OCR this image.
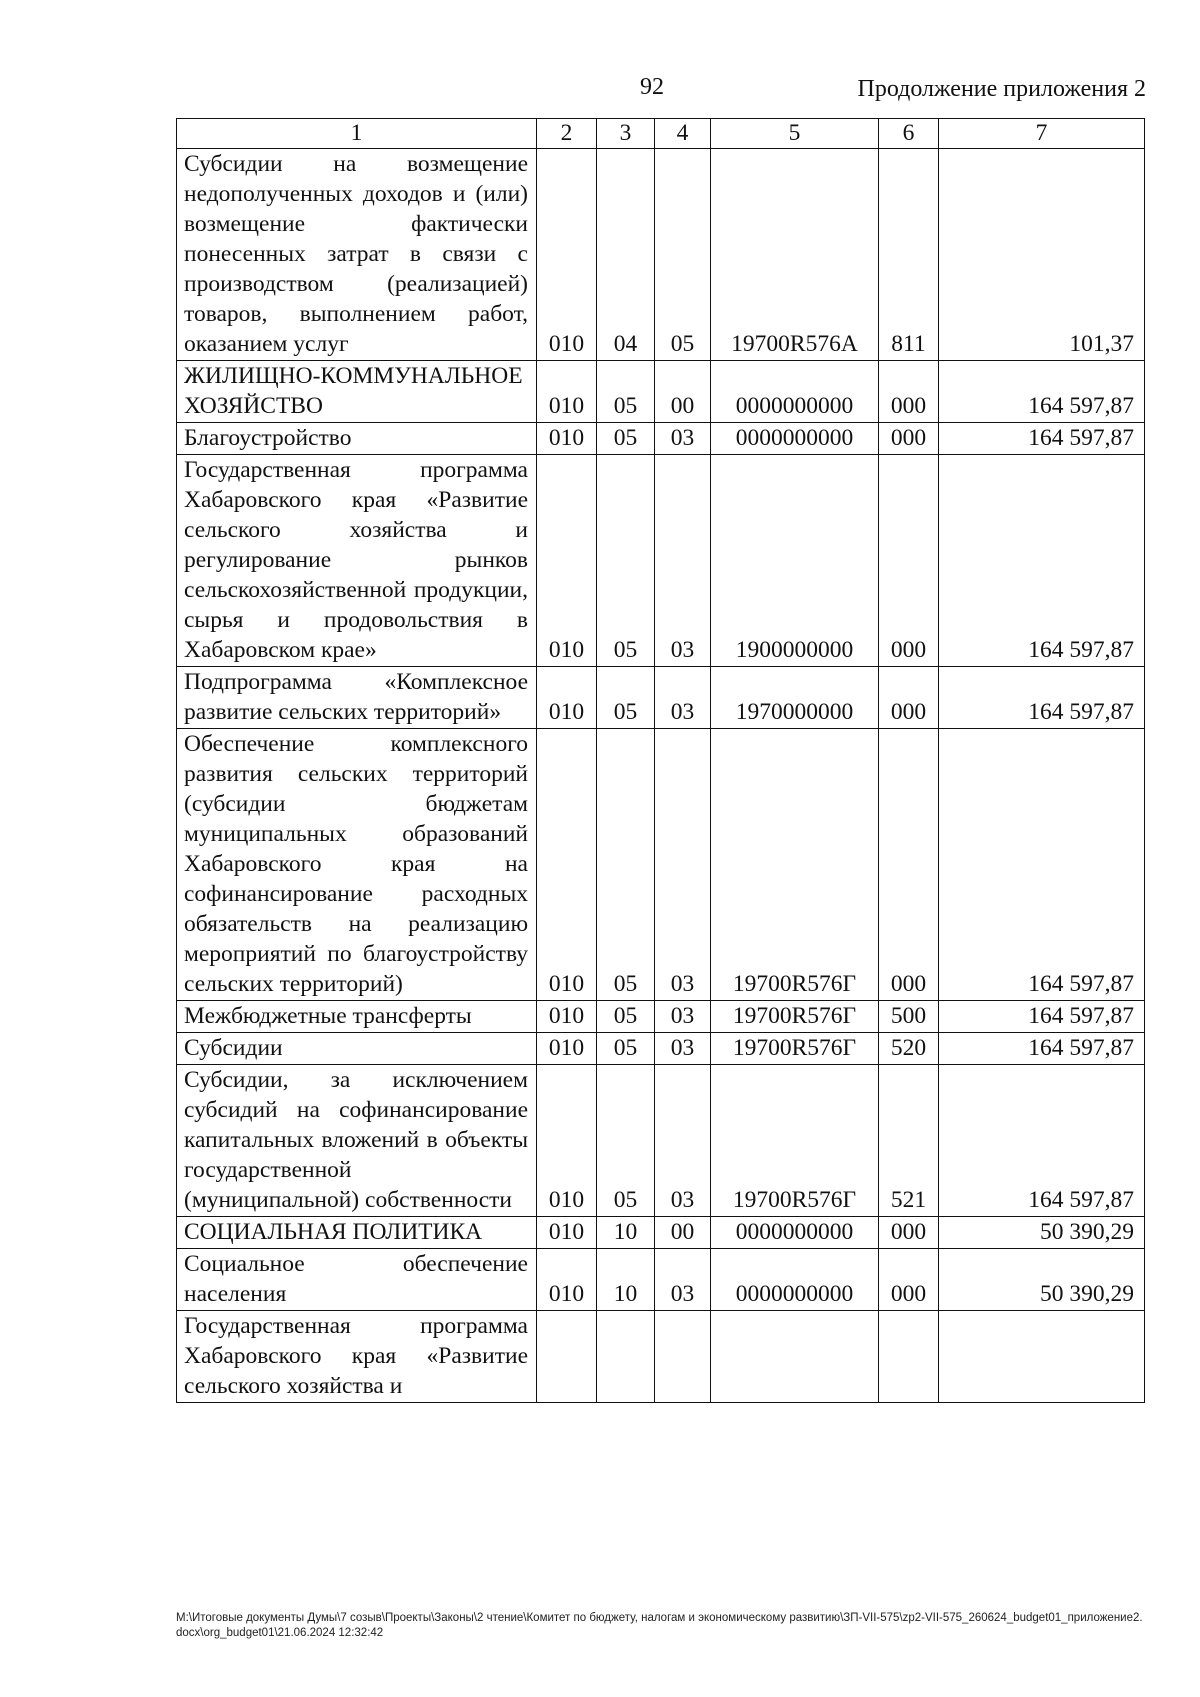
92	Продолжение приложения 2
1	2	3	4	5	6	7
Субсидии на возмещение недополученных доходов и (или) возмещение фактически понесенных затрат в связи с производством (реализацией) товаров, выполнением работ, оказанием услуг	010	04	05	19700R576А	811	101,37
ЖИЛИЩНО-КОММУНАЛЬНОЕ ХОЗЯЙСТВО	010	05	00	0000000000	000	164 597,87
Благоустройство	010	05	03	0000000000	000	164 597,87
Государственная программа Хабаровского края «Развитие сельского хозяйства и регулирование рынков сельскохозяйственной продукции, сырья и продовольствия в Хабаровском крае»	010	05	03	1900000000	000	164 597,87
Подпрограмма «Комплексное развитие сельских территорий»	010	05	03	1970000000	000	164 597,87
Обеспечение комплексного развития сельских территорий (субсидии бюджетам муниципальных образований Хабаровского края на софинансирование расходных обязательств на реализацию мероприятий по благоустройству сельских территорий)	010	05	03	19700R576Г	000	164 597,87
Межбюджетные трансферты	010	05	03	19700R576Г	500	164 597,87
Субсидии	010	05	03	19700R576Г	520	164 597,87
Субсидии, за исключением субсидий на софинансирование капитальных вложений в объекты государственной (муниципальной) собственности	010	05	03	19700R576Г	521	164 597,87
СОЦИАЛЬНАЯ ПОЛИТИКА	010	10	00	0000000000	000	50 390,29
Социальное обеспечение населения	010	10	03	0000000000	000	50 390,29
Государственная программа Хабаровского края «Развитие сельского хозяйства и						
M:\Итоговые документы Думы\7 созыв\Проекты\Законы\2 чтение\Комитет по бюджету, налогам и экономическому развитию\ЗП-VII-575\zp2-VII-575_260624_budget01_приложение2.docx\org_budget01\21.06.2024 12:32:42
